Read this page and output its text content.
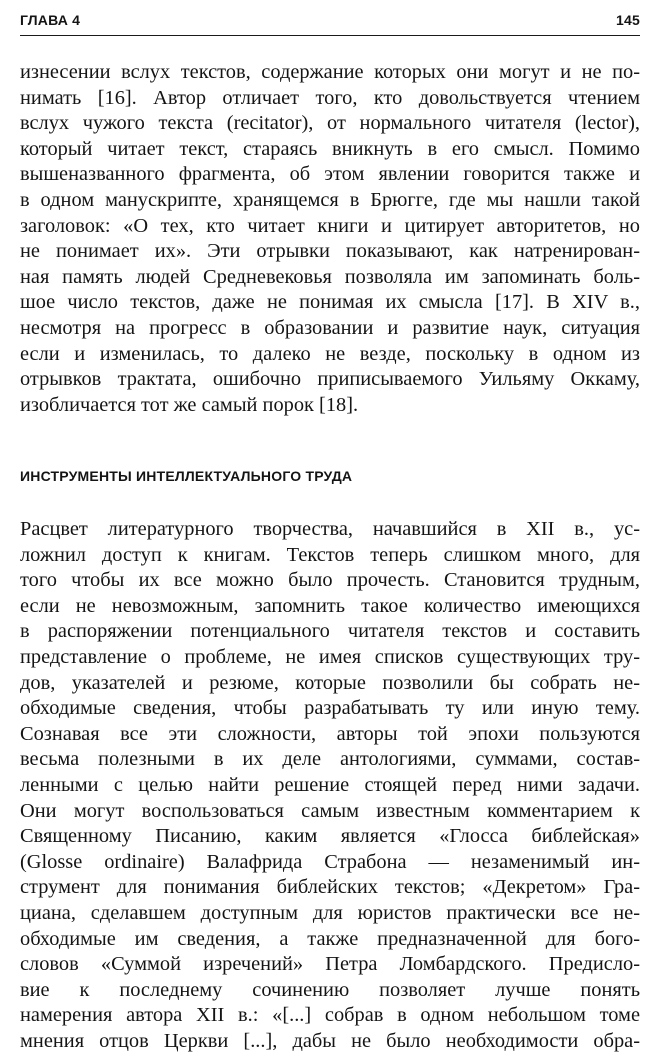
ГЛАВА 4	145
изнесении вслух текстов, содержание которых они могут и не по-
нимать [16]. Автор отличает того, кто довольствуется чтением
вслух чужого текста (recitator), от нормального читателя (lector),
который читает текст, стараясь вникнуть в его смысл. Помимо
вышеназванного фрагмента, об этом явлении говорится также и
в одном манускрипте, хранящемся в Брюгге, где мы нашли такой
заголовок: «О тех, кто читает книги и цитирует авторитетов, но
не понимает их». Эти отрывки показывают, как натренирован-
ная память людей Средневековья позволяла им запоминать боль-
шое число текстов, даже не понимая их смысла [17]. В XIV в.,
несмотря на прогресс в образовании и развитие наук, ситуация
если и изменилась, то далеко не везде, поскольку в одном из
отрывков трактата, ошибочно приписываемого Уильяму Оккаму,
изобличается тот же самый порок [18].
ИНСТРУМЕНТЫ ИНТЕЛЛЕКТУАЛЬНОГО ТРУДА
Расцвет литературного творчества, начавшийся в XII в., ус-
ложнил доступ к книгам. Текстов теперь слишком много, для
того чтобы их все можно было прочесть. Становится трудным,
если не невозможным, запомнить такое количество имеющихся
в распоряжении потенциального читателя текстов и составить
представление о проблеме, не имея списков существующих тру-
дов, указателей и резюме, которые позволили бы собрать не-
обходимые сведения, чтобы разрабатывать ту или иную тему.
Сознавая все эти сложности, авторы той эпохи пользуются
весьма полезными в их деле антологиями, суммами, состав-
ленными с целью найти решение стоящей перед ними задачи.
Они могут воспользоваться самым известным комментарием к
Священному Писанию, каким является «Глосса библейская»
(Glosse ordinaire) Валафрида Страбона — незаменимый ин-
струмент для понимания библейских текстов; «Декретом» Гра-
циана, сделавшем доступным для юристов практически все не-
обходимые им сведения, а также предназначенной для бого-
словов «Суммой изречений» Петра Ломбардского. Предисло-
вие к последнему сочинению позволяет лучше понять
намерения автора XII в.: «[...] собрав в одном небольшом томе
мнения отцов Церкви [...], дабы не было необходимости обра-
